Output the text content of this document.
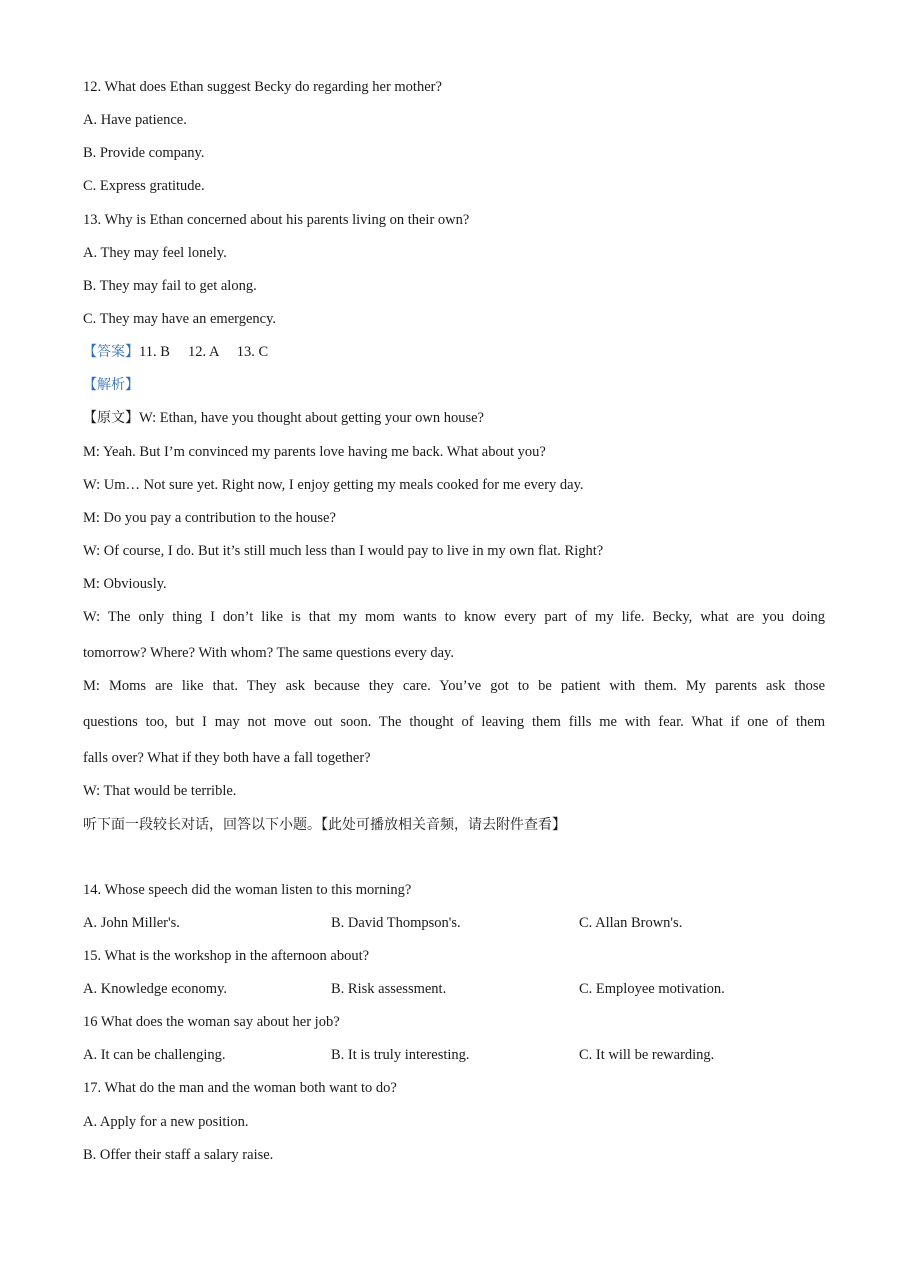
12. What does Ethan suggest Becky do regarding her mother?
A. Have patience.
B. Provide company.
C. Express gratitude.
13. Why is Ethan concerned about his parents living on their own?
A. They may feel lonely.
B. They may fail to get along.
C. They may have an emergency.
【答案】11. B     12. A     13. C
【解析】
【原文】W: Ethan, have you thought about getting your own house?
M: Yeah. But I’m convinced my parents love having me back. What about you?
W: Um… Not sure yet. Right now, I enjoy getting my meals cooked for me every day.
M: Do you pay a contribution to the house?
W: Of course, I do. But it’s still much less than I would pay to live in my own flat. Right?
M: Obviously.
W: The only thing I don’t like is that my mom wants to know every part of my life. Becky, what are you doing
tomorrow? Where? With whom? The same questions every day.
M: Moms are like that. They ask because they care. You’ve got to be patient with them. My parents ask those
questions too, but I may not move out soon. The thought of leaving them fills me with fear. What if one of them
falls over? What if they both have a fall together?
W: That would be terrible.
听下面一段较长对话，回答以下小题。【此处可播放相关音频，请去附件查看】
14. Whose speech did the woman listen to this morning?
A. John Miller's.	B. David Thompson's.	C. Allan Brown's.
15. What is the workshop in the afternoon about?
A. Knowledge economy.	B. Risk assessment.	C. Employee motivation.
16 What does the woman say about her job?
A. It can be challenging.	B. It is truly interesting.	C. It will be rewarding.
17. What do the man and the woman both want to do?
A. Apply for a new position.
B. Offer their staff a salary raise.
